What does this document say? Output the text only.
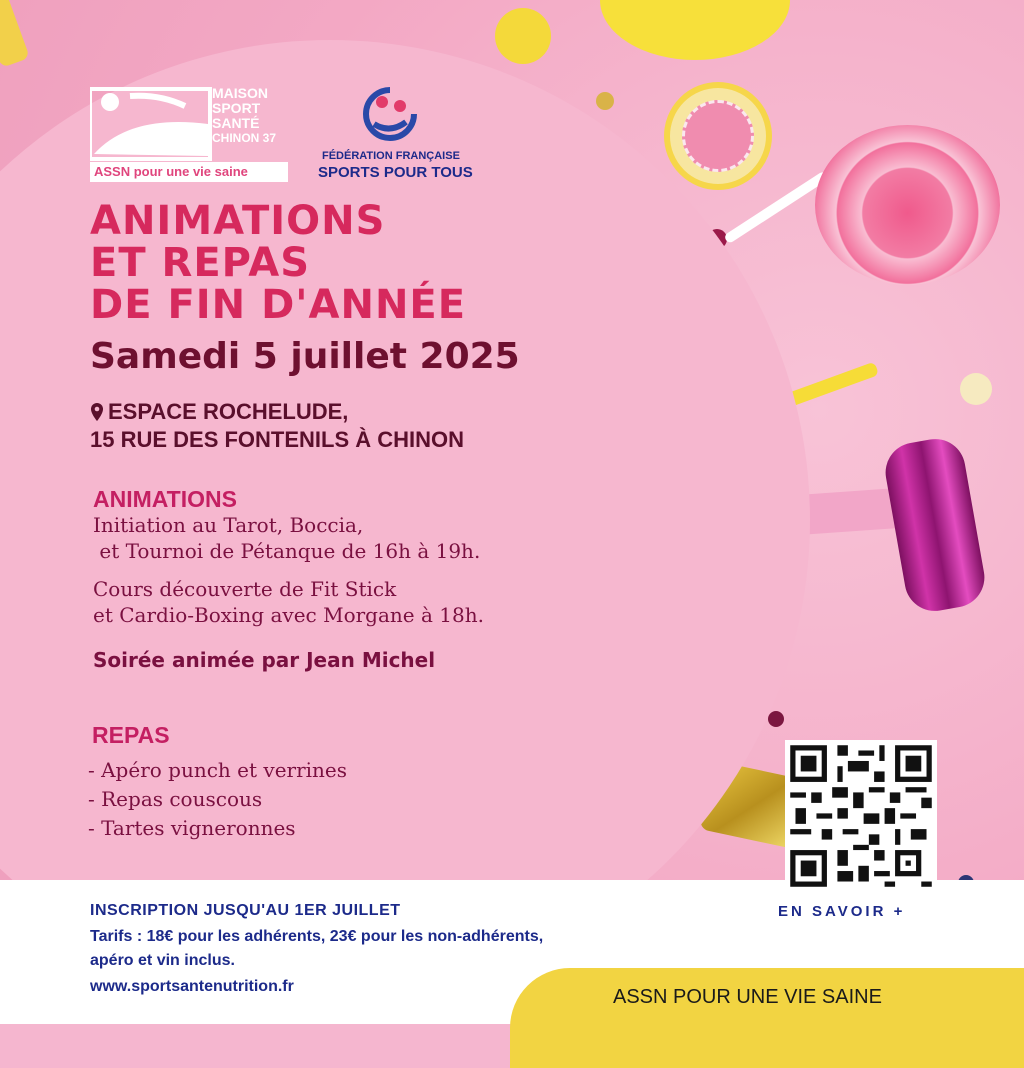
MAISON
SPORT
SANTÉ
CHINON 37
ASSN pour une vie saine
FÉDÉRATION FRANÇAISE
SPORTS POUR TOUS
ANIMATIONS
ET REPAS
DE FIN D'ANNÉE
Samedi 5 juillet 2025
ESPACE ROCHELUDE,
15 RUE DES FONTENILS À CHINON
ANIMATIONS
Initiation au Tarot, Boccia,
et Tournoi de Pétanque de 16h à 19h.
Cours découverte de Fit Stick
et Cardio-Boxing avec Morgane à 18h.
Soirée animée par Jean Michel
REPAS
- Apéro punch et verrines
- Repas couscous
- Tartes vigneronnes
EN SAVOIR +
INSCRIPTION JUSQU'AU 1ER JUILLET
Tarifs : 18€ pour les adhérents, 23€ pour les non-adhérents,
apéro et vin inclus.
www.sportsantenutrition.fr	ASSN POUR UNE VIE SAINE
